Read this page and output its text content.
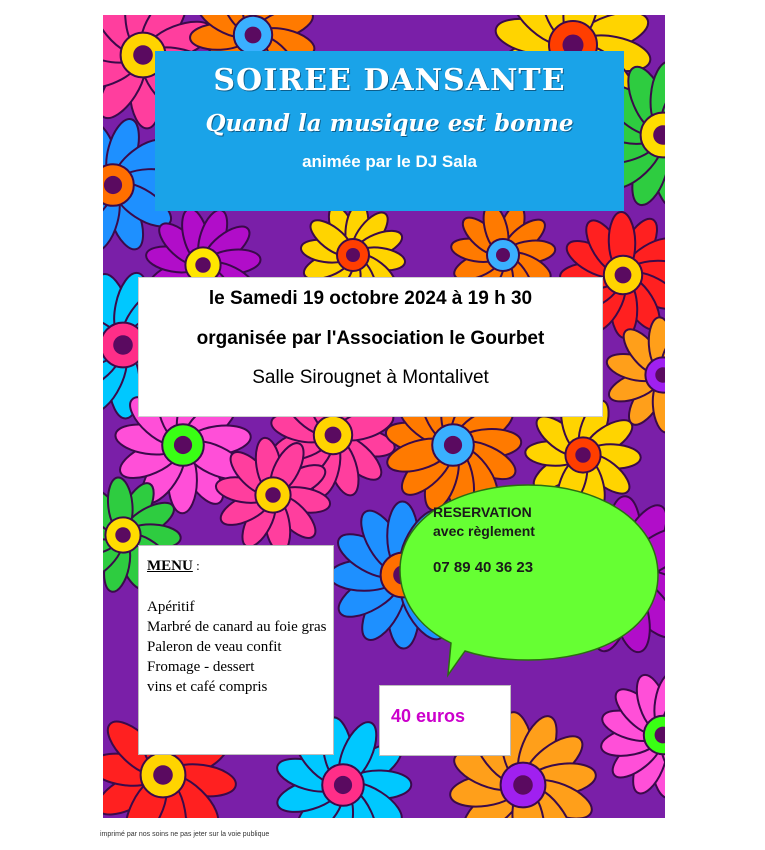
SOIREE DANSANTE
Quand la musique est bonne
animée par le DJ Sala
le Samedi 19 octobre 2024 à 19 h 30
organisée par l'Association le Gourbet
Salle Sirougnet à Montalivet
MENU :
Apéritif
Marbré de canard au foie gras
Paleron de veau confit
Fromage - dessert
vins et café compris
RESERVATION
avec règlement
07 89 40 36 23
40 euros
imprimé par nos soins ne pas jeter sur la voie publique
